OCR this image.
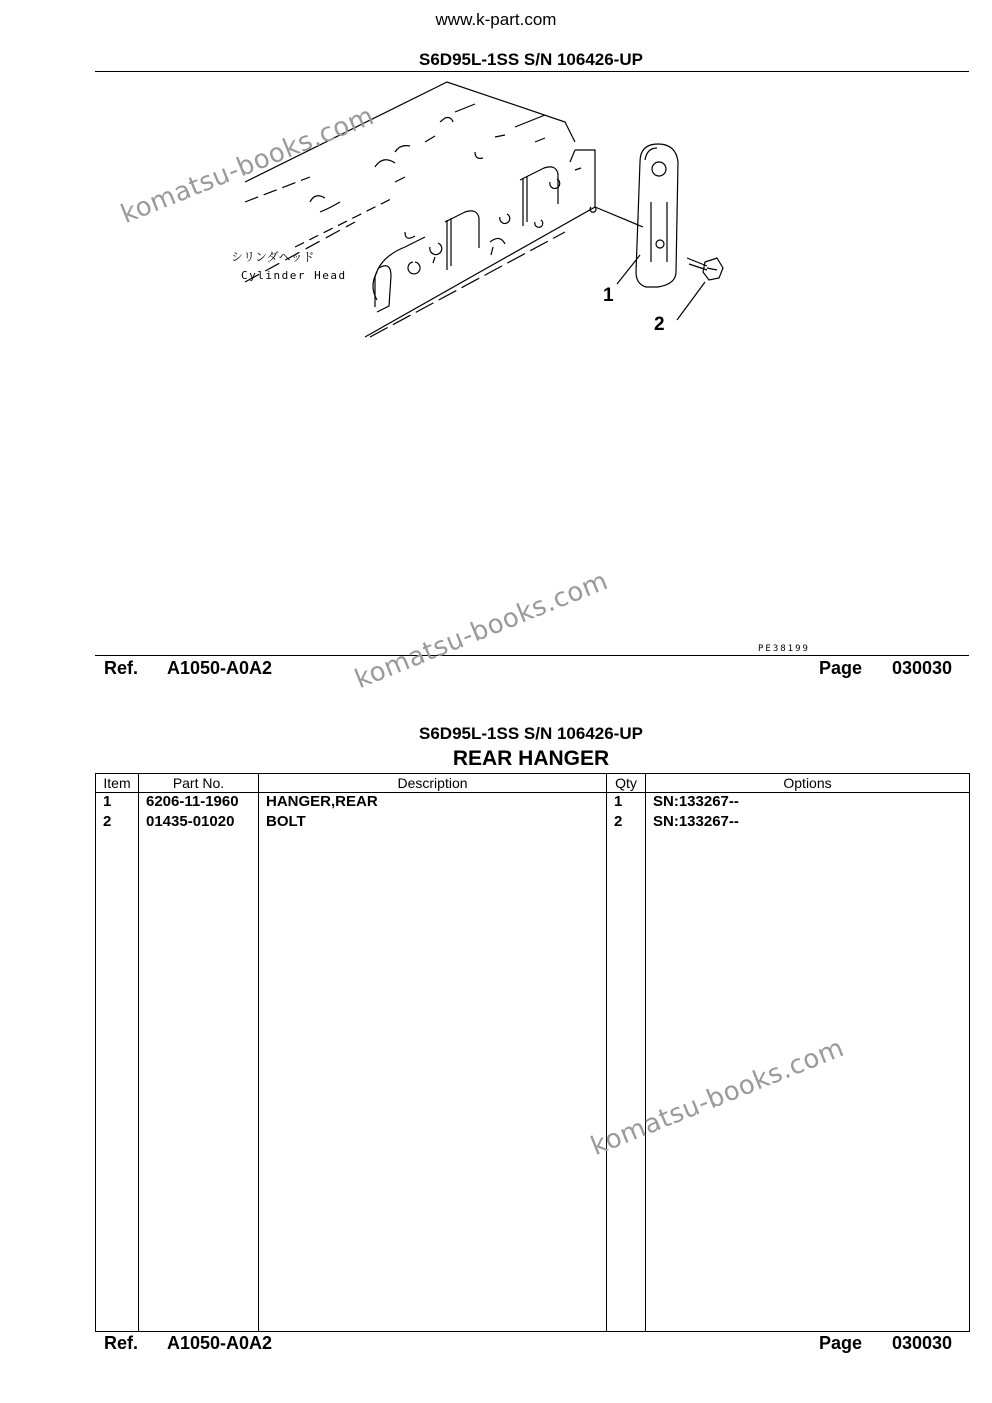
www.k-part.com
S6D95L-1SS S/N 106426-UP
シリンダヘッド
Cylinder Head
1
2
PE38199
Ref. A1050-A0A2	Page 030030
S6D95L-1SS S/N 106426-UP
REAR HANGER
Item	Part No.	Description	Qty	Options
1	6206-11-1960	HANGER,REAR	1	SN:133267--
2	01435-01020	BOLT	2	SN:133267--

Ref. A1050-A0A2	Page 030030
komatsu-books.com
komatsu-books.com
komatsu-books.com
